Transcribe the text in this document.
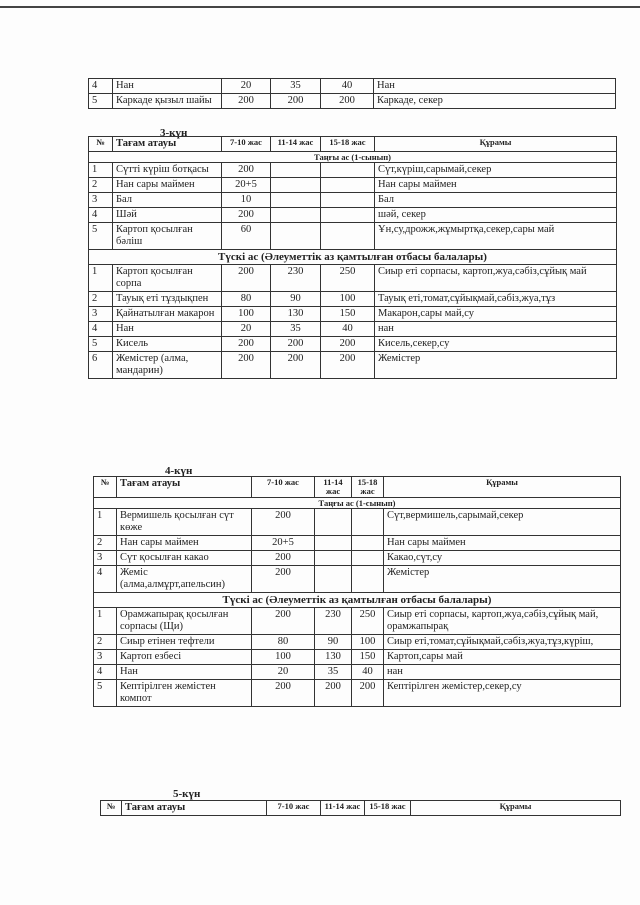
4	Нан	20	35	40	Нан
5	Каркаде қызыл шайы	200	200	200	Каркаде, секер
3-күн
№	Тағам атауы	7-10 жас	11-14 жас	15-18 жас	Құрамы
Таңғы ас (1-сынып)					
1	Сүтті күріш ботқасы	200			Сүт,күріш,сарымай,секер
2	Нан сары маймен	20+5			Нан сары маймен
3	Бал	10			Бал
4	Шәй	200			шәй, секер
5	Картоп қосылған бәліш	60			Ұн,су,дрожж,жұмыртқа,секер,сары май
Түскі ас (Әлеуметтік аз қамтылған отбасы балалары)					
1	Картоп қосылған сорпа	200	230	250	Сиыр еті сорпасы, картоп,жуа,сәбіз,сұйық май
2	Тауық еті тұздықпен	80	90	100	Тауық еті,томат,сұйықмай,сәбіз,жуа,тұз
3	Қайнатылған макарон	100	130	150	Макарон,сары май,су
4	Нан	20	35	40	нан
5	Кисель	200	200	200	Кисель,секер,су
6	Жемістер (алма, мандарин)	200	200	200	Жемістер
4-күн
№	Тағам атауы	7-10 жас	11-14 жас	15-18 жас	Құрамы
Таңғы ас (1-сынып)					
1	Вермишель қосылған сүт көже	200			Сүт,вермишель,сарымай,секер
2	Нан сары маймен	20+5			Нан сары маймен
3	Сүт қосылған какао	200			Какао,сүт,су
4	Жеміс (алма,алмұрт,апельсин)	200			Жемістер
Түскі ас (Әлеуметтік аз қамтылған отбасы балалары)					
1	Орамжапырақ қосылған сорпасы (Щи)	200	230	250	Сиыр еті сорпасы, картоп,жуа,сәбіз,сұйық май, орамжапырақ
2	Сиыр етінен тефтели	80	90	100	Сиыр еті,томат,сұйықмай,сәбіз,жуа,тұз,күріш,
3	Картоп езбесі	100	130	150	Картоп,сары май
4	Нан	20	35	40	нан
5	Кептірілген жемістен компот	200	200	200	Кептірілген жемістер,секер,су
5-күн
№	Тағам атауы	7-10 жас	11-14 жас	15-18 жас	Құрамы
